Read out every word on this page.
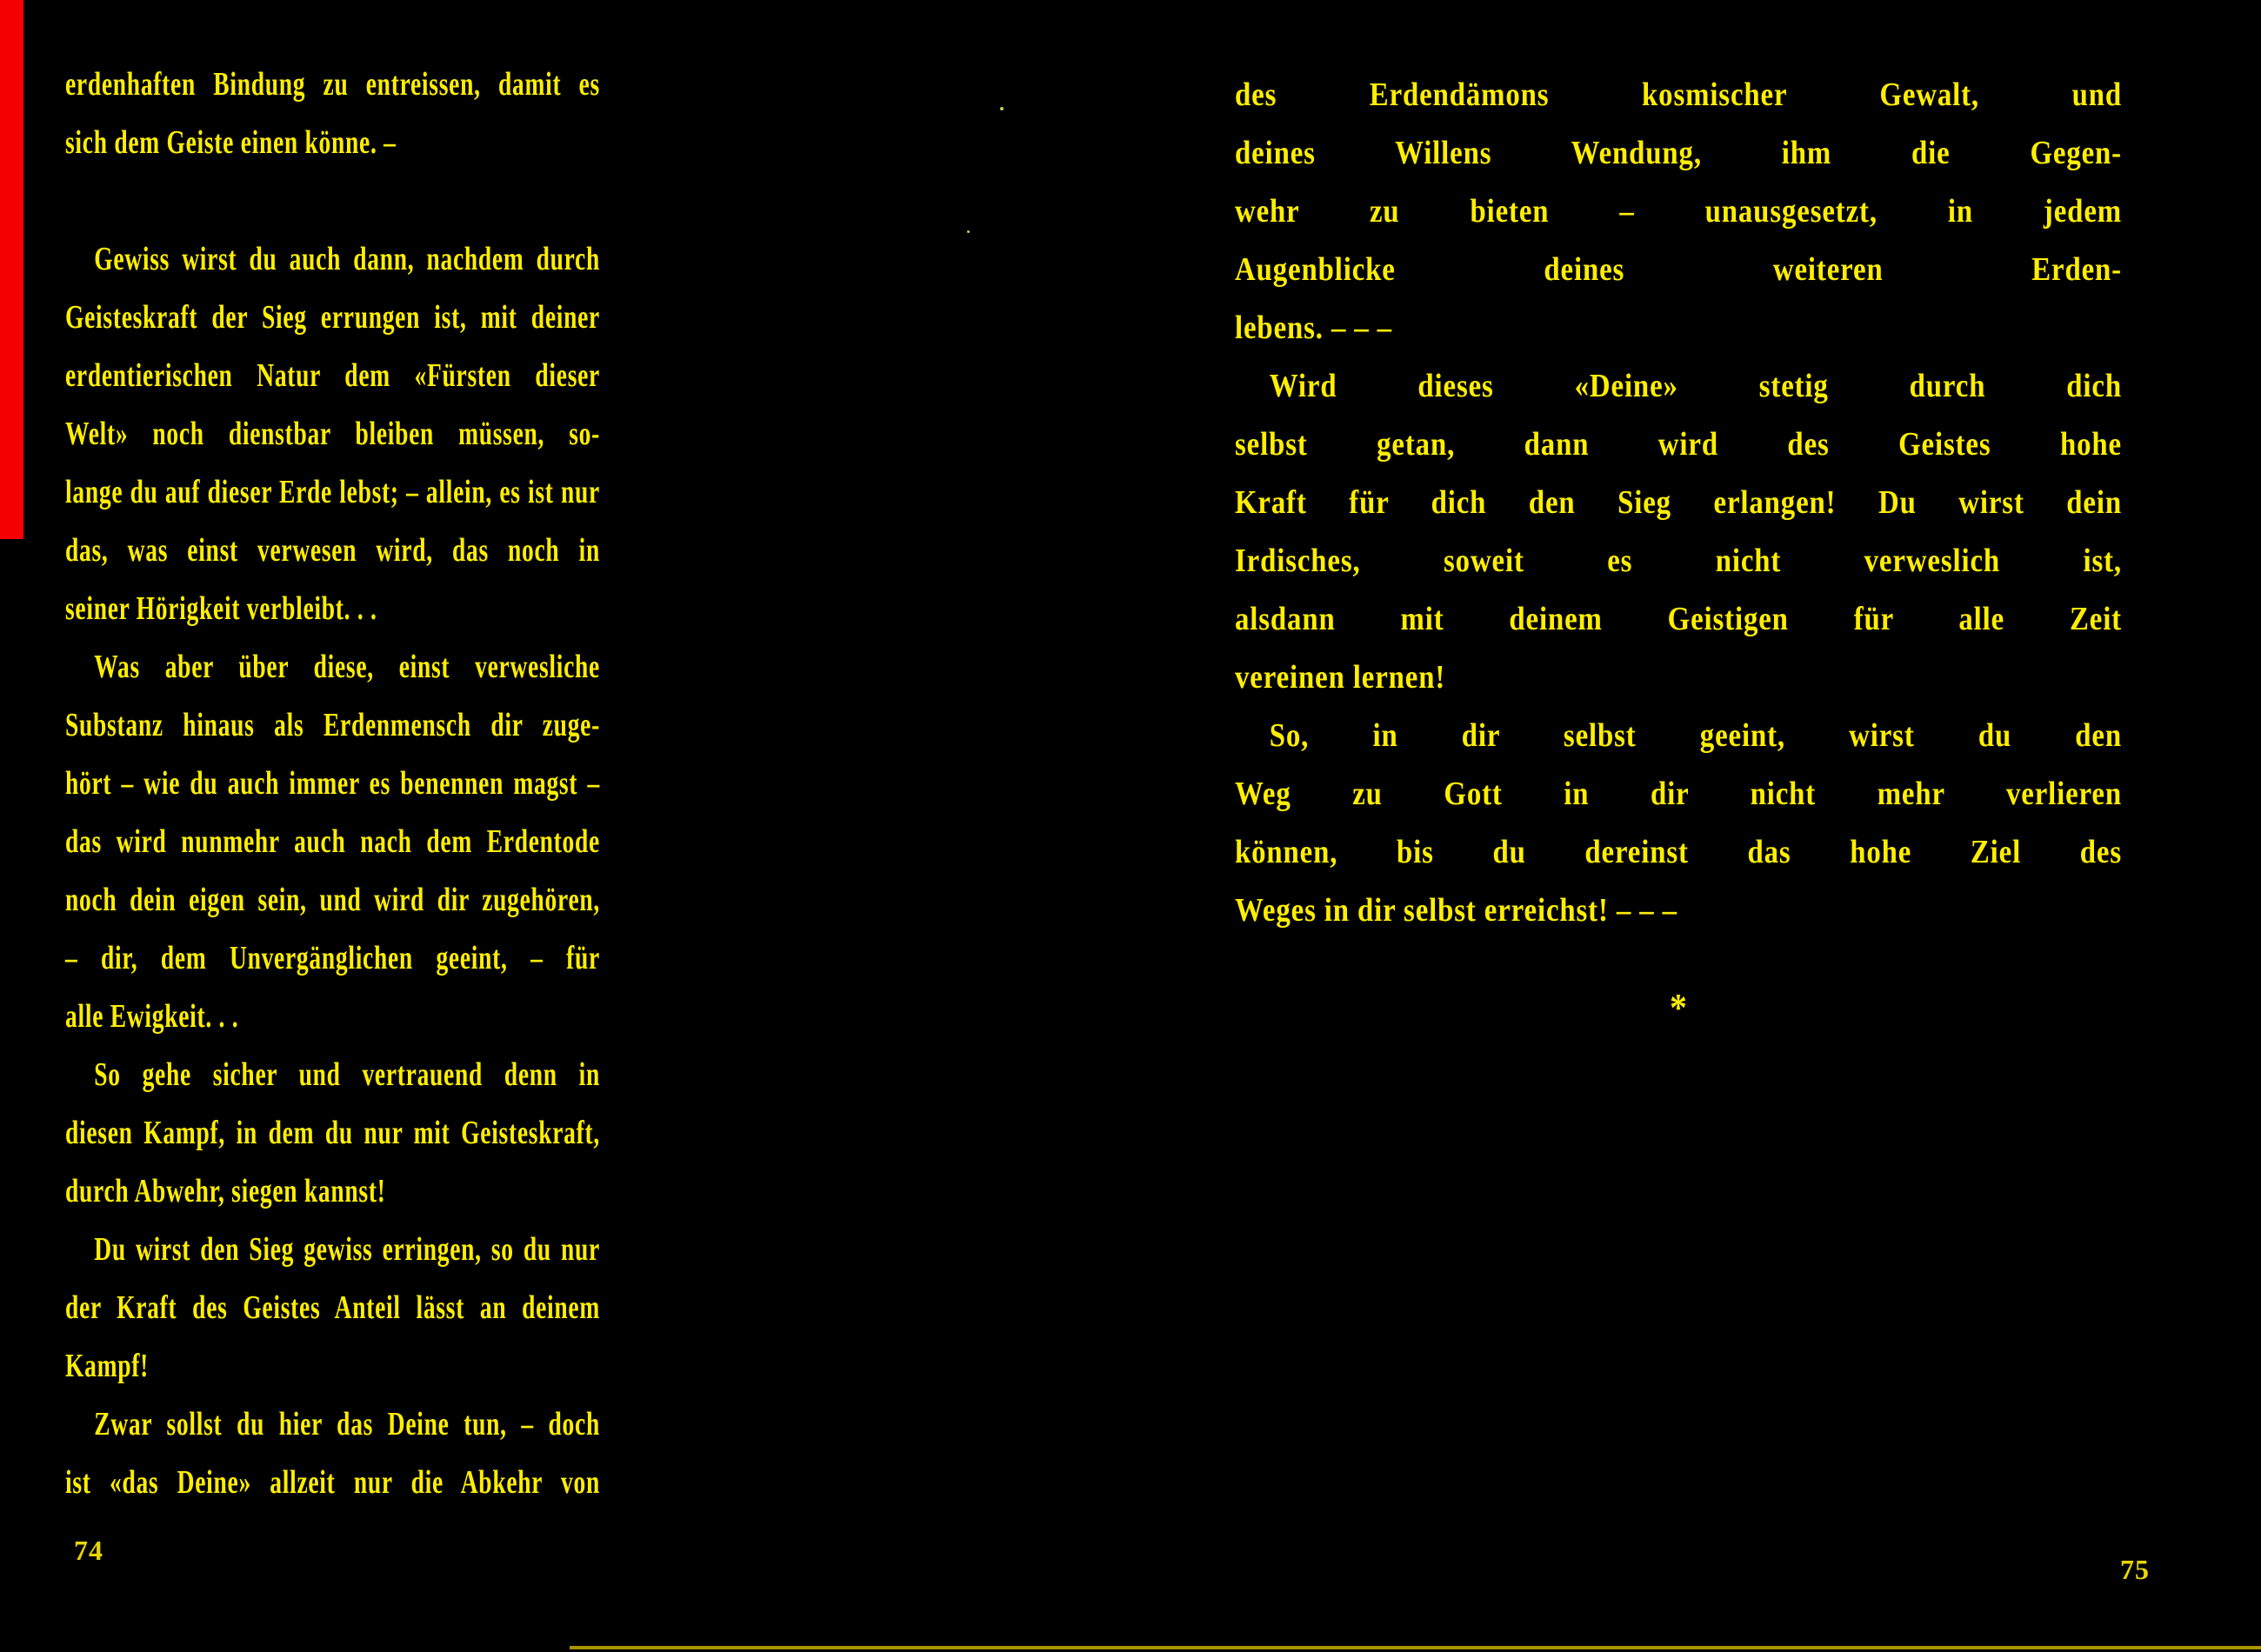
erdenhaften Bindung zu entreissen, damit es
sich dem Geiste einen könne. –
Gewiss wirst du auch dann, nachdem durch
Geisteskraft der Sieg errungen ist, mit deiner
erdentierischen Natur dem «Fürsten dieser
Welt» noch dienstbar bleiben müssen, so-
lange du auf dieser Erde lebst; – allein, es ist nur
das, was einst verwesen wird, das noch in
seiner Hörigkeit verbleibt. . .
Was aber über diese, einst verwesliche
Substanz hinaus als Erdenmensch dir zuge-
hört – wie du auch immer es benennen magst –
das wird nunmehr auch nach dem Erdentode
noch dein eigen sein, und wird dir zugehören,
– dir, dem Unvergänglichen geeint, – für
alle Ewigkeit. . .
So gehe sicher und vertrauend denn in
diesen Kampf, in dem du nur mit Geisteskraft,
durch Abwehr, siegen kannst!
Du wirst den Sieg gewiss erringen, so du nur
der Kraft des Geistes Anteil lässt an deinem
Kampf!
Zwar sollst du hier das Deine tun, – doch
ist «das Deine» allzeit nur die Abkehr von
des Erdendämons kosmischer Gewalt, und
deines Willens Wendung, ihm die Gegen-
wehr zu bieten – unausgesetzt, in jedem
Augenblicke deines weiteren Erden-
lebens. – – –
Wird dieses «Deine» stetig durch dich
selbst getan, dann wird des Geistes hohe
Kraft für dich den Sieg erlangen! Du wirst dein
Irdisches, soweit es nicht verweslich ist,
alsdann mit deinem Geistigen für alle Zeit
vereinen lernen!
So, in dir selbst geeint, wirst du den
Weg zu Gott in dir nicht mehr verlieren
können, bis du dereinst das hohe Ziel des
Weges in dir selbst erreichst! – – –
*
74
75
